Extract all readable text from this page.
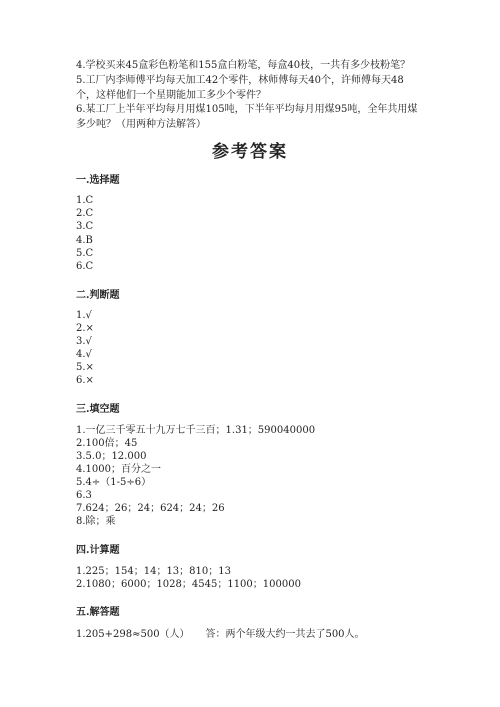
4.学校买来45盒彩色粉笔和155盒白粉笔，每盒40枝，一共有多少枝粉笔？
5.工厂内李师傅平均每天加工42个零件，林师傅每天40个，许师傅每天48
个，这样他们一个星期能加工多少个零件？
6.某工厂上半年平均每月用煤105吨，下半年平均每月用煤95吨，全年共用煤
多少吨？（用两种方法解答）
参考答案
一.选择题
1.C
2.C
3.C
4.B
5.C
6.C
二.判断题
1.√
2.×
3.√
4.√
5.×
6.×
三.填空题
1.一亿三千零五十九万七千三百；1.31；590040000
2.100倍；45
3.5.0；12.000
4.1000；百分之一
5.4÷（1-5÷6）
6.3
7.624；26；24；624；24；26
8.除；乘
四.计算题
1.225；154；14；13；810；13
2.1080；6000；1028；4545；1100；100000
五.解答题
1.205+298≈500（人）     答：两个年级大约一共去了500人。
